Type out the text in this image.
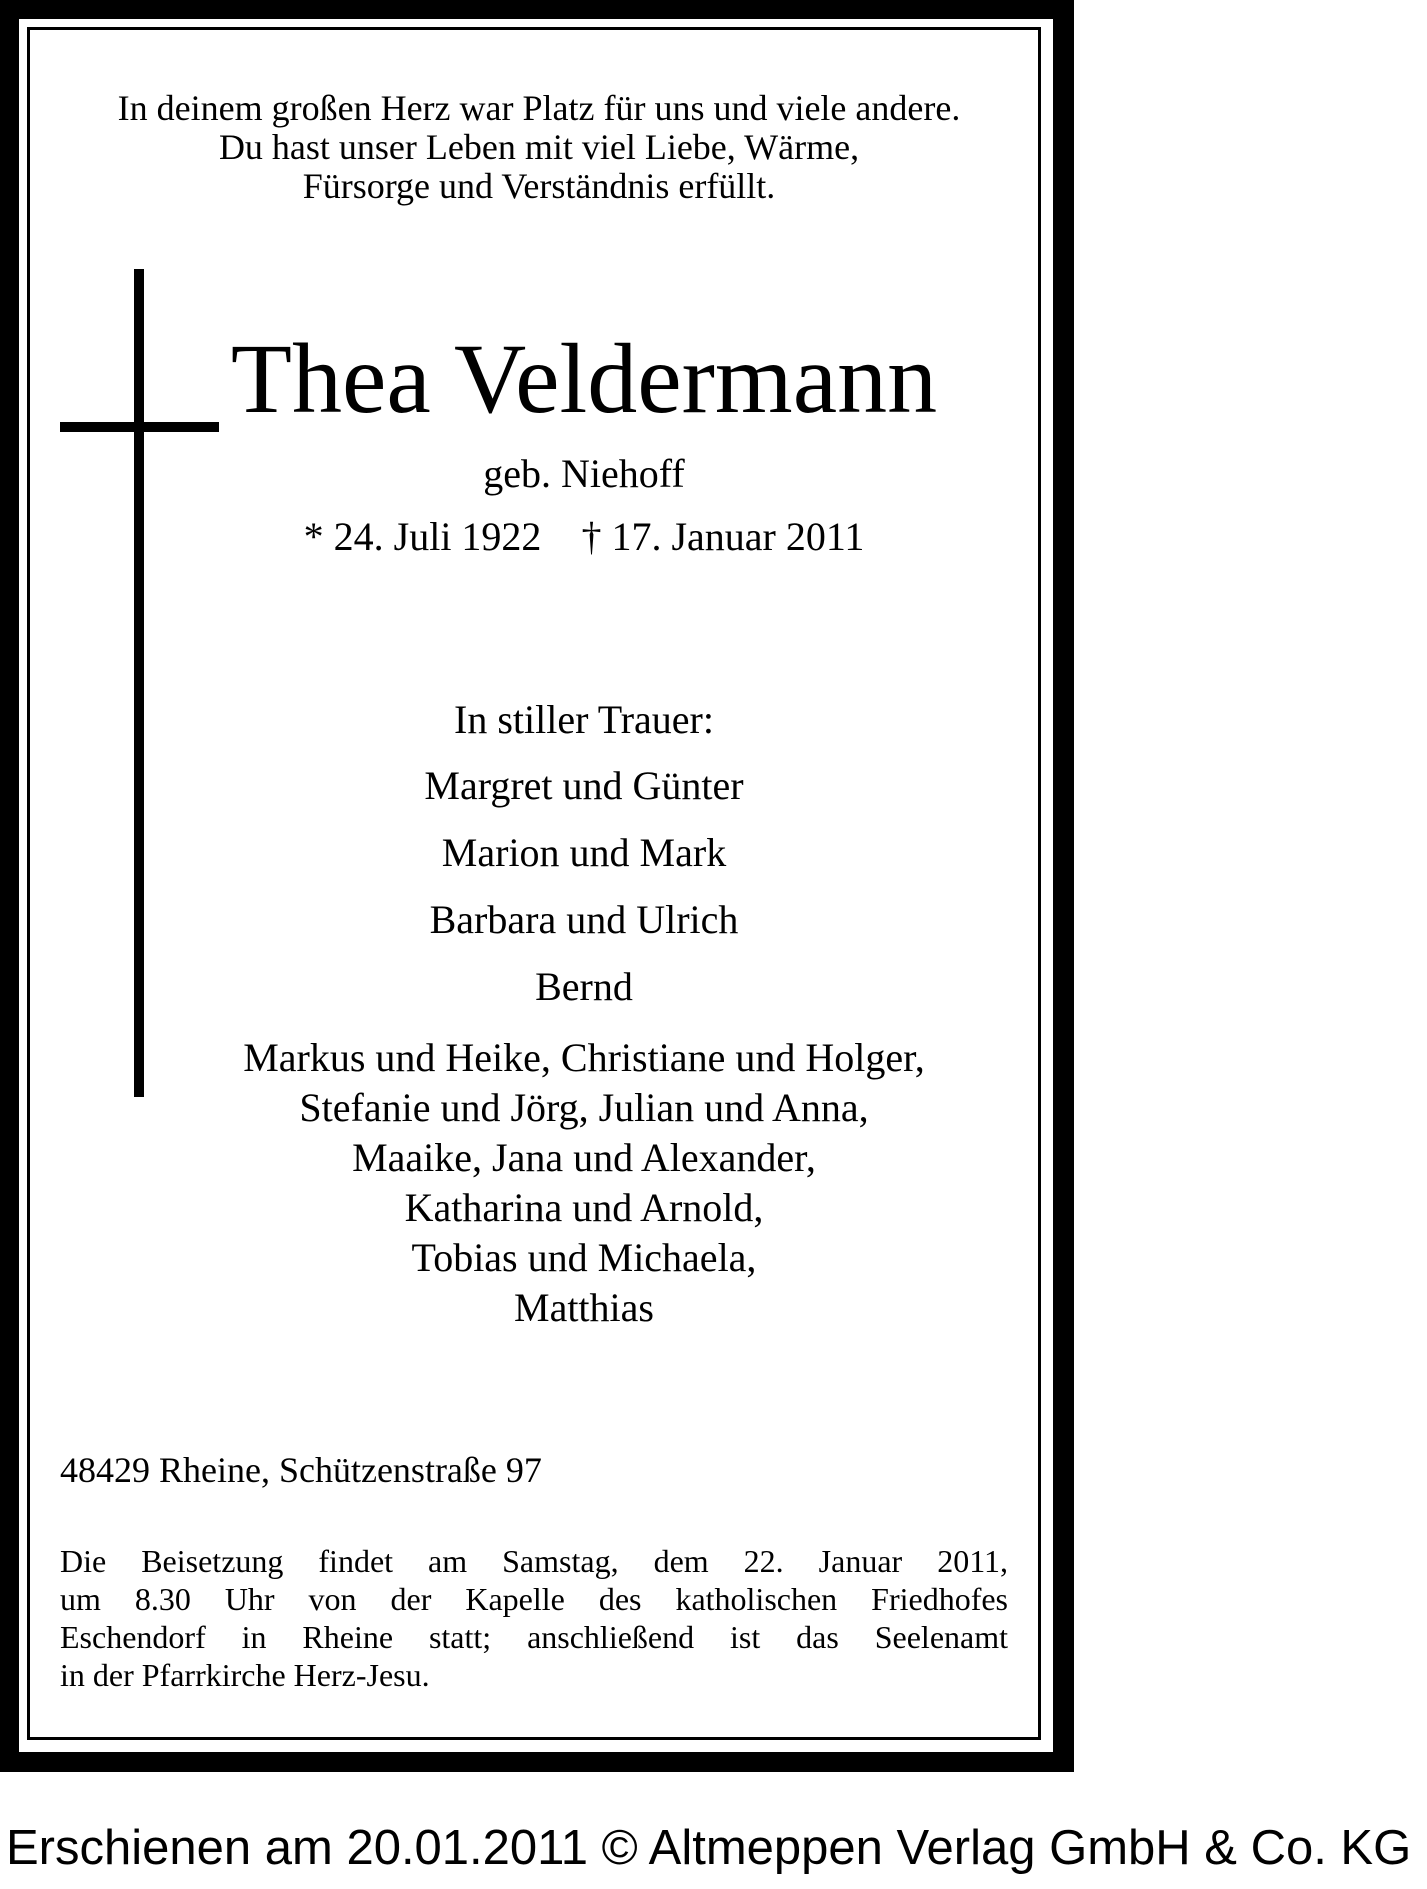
In deinem großen Herz war Platz für uns und viele andere.
Du hast unser Leben mit viel Liebe, Wärme,
Fürsorge und Verständnis erfüllt.
Thea Veldermann
geb. Niehoff
* 24. Juli 1922 † 17. Januar 2011
In stiller Trauer:
Margret und Günter
Marion und Mark
Barbara und Ulrich
Bernd
Markus und Heike, Christiane und Holger,
Stefanie und Jörg, Julian und Anna,
Maaike, Jana und Alexander,
Katharina und Arnold,
Tobias und Michaela,
Matthias
48429 Rheine, Schützenstraße 97
Die Beisetzung findet am Samstag, dem 22. Januar 2011,
um 8.30 Uhr von der Kapelle des katholischen Friedhofes
Eschendorf in Rheine statt; anschließend ist das Seelenamt
in der Pfarrkirche Herz-Jesu.
Erschienen am 20.01.2011 © Altmeppen Verlag GmbH & Co. KG
